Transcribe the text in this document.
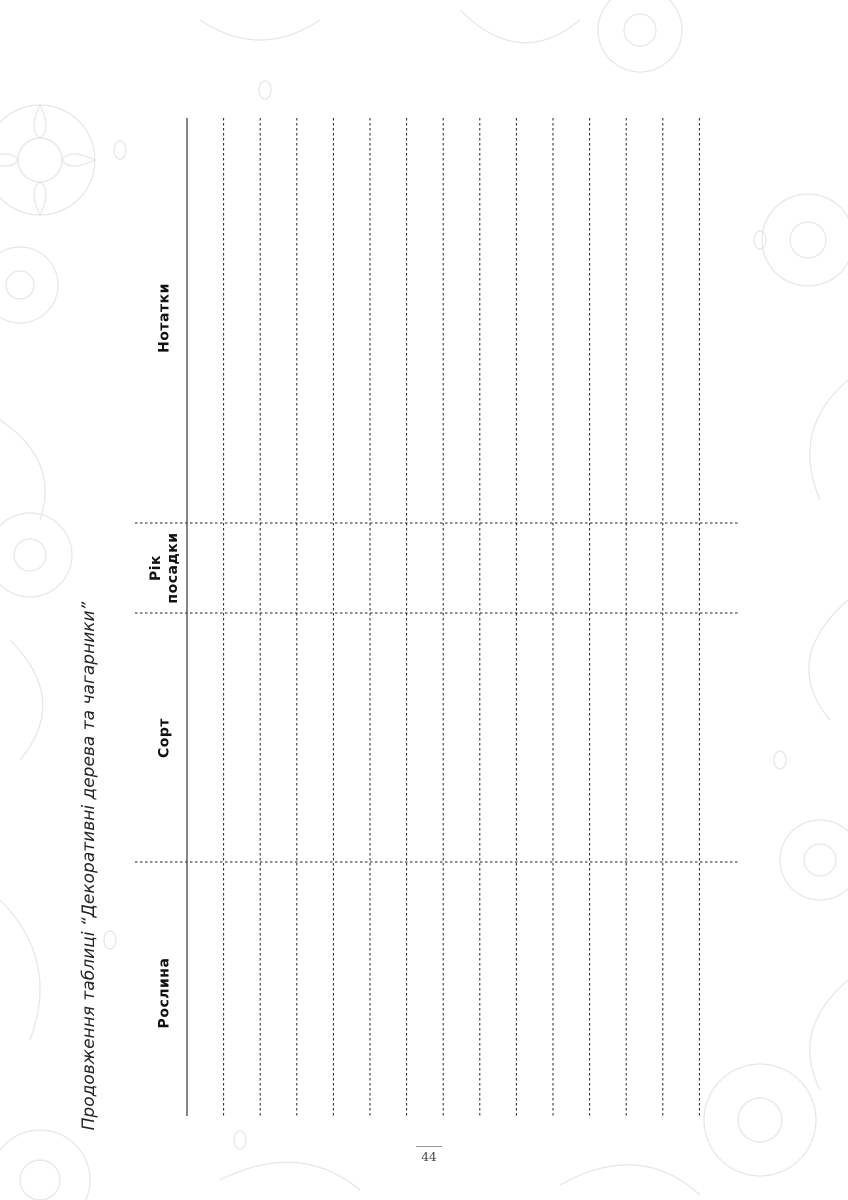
Рослина
Сорт
Рік посадки
Нотатки
Продовження таблиці “Декоративні дерева та чагарники”
44
